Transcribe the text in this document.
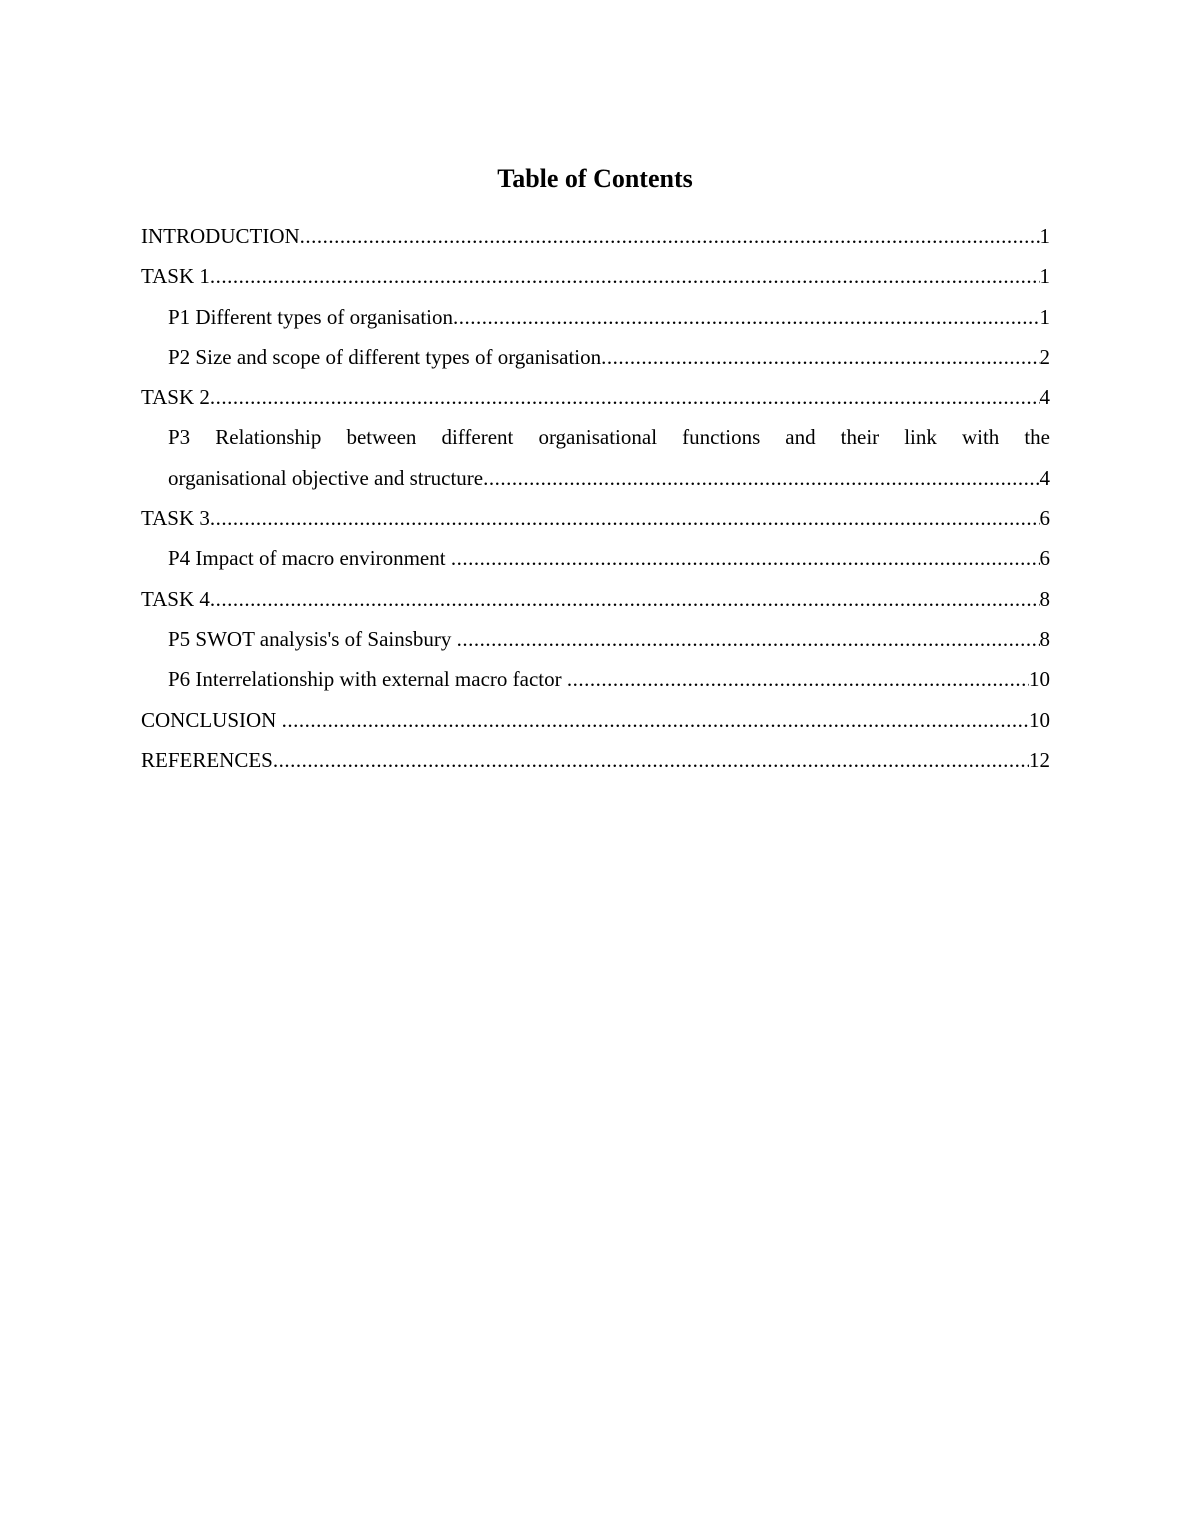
Table of Contents
INTRODUCTION .....	1
TASK 1 .....	1
P1 Different types of organisation .....	1
P2 Size and scope of different types of organisation .....	2
TASK 2 .....	4
P3 Relationship between different organisational functions and their link with the
organisational objective and structure .....	4
TASK 3 .....	6
P4 Impact of macro environment .....	6
TASK 4 .....	8
P5 SWOT analysis's of Sainsbury .....	8
P6 Interrelationship with external macro factor .....	10
CONCLUSION .....	10
REFERENCES .....	12
